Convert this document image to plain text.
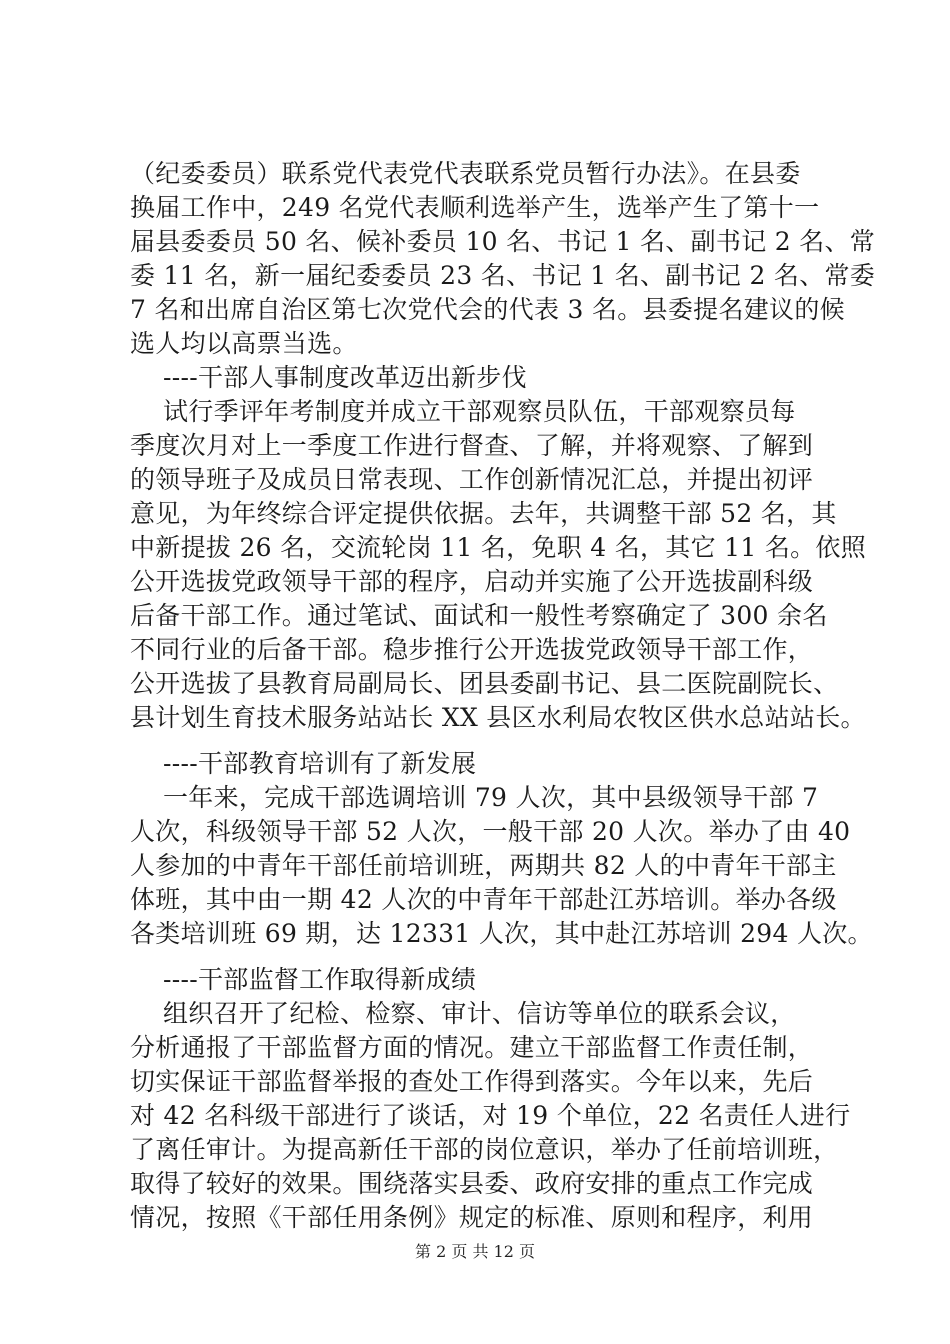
（纪委委员）联系党代表党代表联系党员暂行办法》。在县委
换届工作中，249 名党代表顺利选举产生，选举产生了第十一
届县委委员 50 名、候补委员 10 名、书记 1 名、副书记 2 名、常
委 11 名，新一届纪委委员 23 名、书记 1 名、副书记 2 名、常委
7 名和出席自治区第七次党代会的代表 3 名。县委提名建议的候
选人均以高票当选。
----干部人事制度改革迈出新步伐
试行季评年考制度并成立干部观察员队伍，干部观察员每
季度次月对上一季度工作进行督查、了解，并将观察、了解到
的领导班子及成员日常表现、工作创新情况汇总，并提出初评
意见，为年终综合评定提供依据。去年，共调整干部 52 名，其
中新提拔 26 名，交流轮岗 11 名，免职 4 名，其它 11 名。依照
公开选拔党政领导干部的程序，启动并实施了公开选拔副科级
后备干部工作。通过笔试、面试和一般性考察确定了 300 余名
不同行业的后备干部。稳步推行公开选拔党政领导干部工作，
公开选拔了县教育局副局长、团县委副书记、县二医院副院长、
县计划生育技术服务站站长 XX 县区水利局农牧区供水总站站长。
----干部教育培训有了新发展
一年来，完成干部选调培训 79 人次，其中县级领导干部 7
人次，科级领导干部 52 人次，一般干部 20 人次。举办了由 40
人参加的中青年干部任前培训班，两期共 82 人的中青年干部主
体班，其中由一期 42 人次的中青年干部赴江苏培训。举办各级
各类培训班 69 期，达 12331 人次，其中赴江苏培训 294 人次。
----干部监督工作取得新成绩
组织召开了纪检、检察、审计、信访等单位的联系会议，
分析通报了干部监督方面的情况。建立干部监督工作责任制，
切实保证干部监督举报的查处工作得到落实。今年以来，先后
对 42 名科级干部进行了谈话，对 19 个单位，22 名责任人进行
了离任审计。为提高新任干部的岗位意识，举办了任前培训班，
取得了较好的效果。围绕落实县委、政府安排的重点工作完成
情况，按照《干部任用条例》规定的标准、原则和程序，利用
第 2 页 共 12 页
